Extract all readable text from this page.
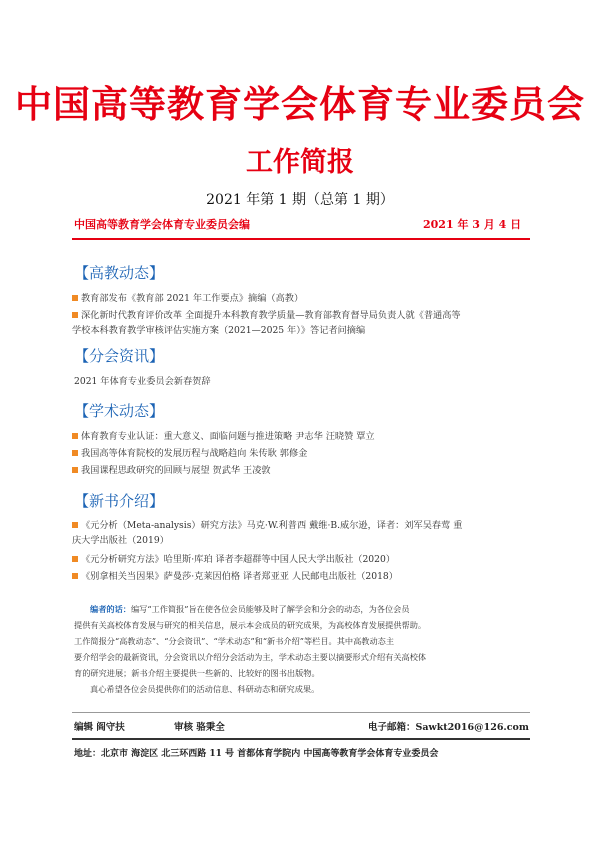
中国高等教育学会体育专业委员会
工作简报
2021 年第 1 期（总第 1 期）
中国高等教育学会体育专业委员会编	2021 年 3 月 4 日
【高教动态】
教育部发布《教育部 2021 年工作要点》摘编（高教）
深化新时代教育评价改革 全面提升本科教育教学质量—教育部教育督导局负责人就《普通高等
学校本科教育教学审核评估实施方案（2021—2025 年）》答记者问摘编
【分会资讯】
2021 年体育专业委员会新春贺辞
【学术动态】
体育教育专业认证：重大意义、面临问题与推进策略 尹志华 汪晓赞 覃立
我国高等体育院校的发展历程与战略趋向 朱传耿 郭修金
我国课程思政研究的回顾与展望 贺武华 王凌敦
【新书介绍】
《元分析（Meta-analysis）研究方法》马克·W.利普西 戴维·B.威尔逊，译者：刘军吴春莺 重
庆大学出版社（2019）
《元分析研究方法》哈里斯·库珀 译者李超群等中国人民大学出版社（2020）
《别拿相关当因果》萨曼莎·克莱因伯格 译者郑亚亚 人民邮电出版社（2018）
编者的话：编写“工作简报”旨在使各位会员能够及时了解学会和分会的动态，为各位会员
提供有关高校体育发展与研究的相关信息，展示本会成员的研究成果，为高校体育发展提供帮助。
工作简报分“高教动态”、“分会资讯”、“学术动态”和“新书介绍”等栏目。其中高教动态主
要介绍学会的最新资讯，分会资讯以介绍分会活动为主，学术动态主要以摘要形式介绍有关高校体
育的研究进展；新书介绍主要提供一些新的、比较好的图书出版物。
真心希望各位会员提供你们的活动信息、科研动态和研究成果。
编辑 阎守扶	审核 骆秉全	电子邮箱：Sawkt2016@126.com
地址：北京市 海淀区 北三环西路 11 号 首都体育学院内 中国高等教育学会体育专业委员会
